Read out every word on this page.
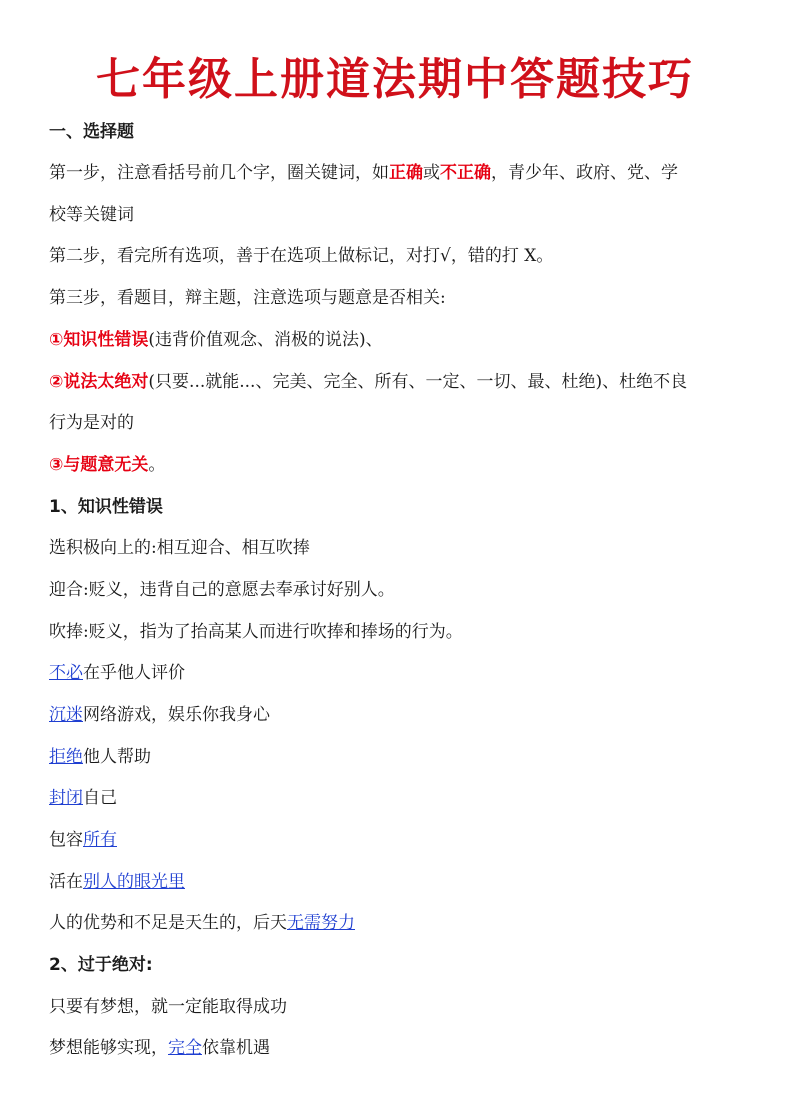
七年级上册道法期中答题技巧
一、选择题
第一步，注意看括号前几个字，圈关键词，如正确或不正确，青少年、政府、党、学
校等关键词
第二步，看完所有选项，善于在选项上做标记，对打√，错的打 X。
第三步，看题目，辩主题，注意选项与题意是否相关:
①知识性错误(违背价值观念、消极的说法)、
②说法太绝对(只要...就能...、完美、完全、所有、一定、一切、最、杜绝)、杜绝不良
行为是对的
③与题意无关。
1、知识性错误
选积极向上的:相互迎合、相互吹捧
迎合:贬义，违背自己的意愿去奉承讨好别人。
吹捧:贬义，指为了抬高某人而进行吹捧和捧场的行为。
不必在乎他人评价
沉迷网络游戏，娱乐你我身心
拒绝他人帮助
封闭自己
包容所有
活在别人的眼光里
人的优势和不足是天生的，后天无需努力
2、过于绝对:
只要有梦想，就一定能取得成功
梦想能够实现，完全依靠机遇
